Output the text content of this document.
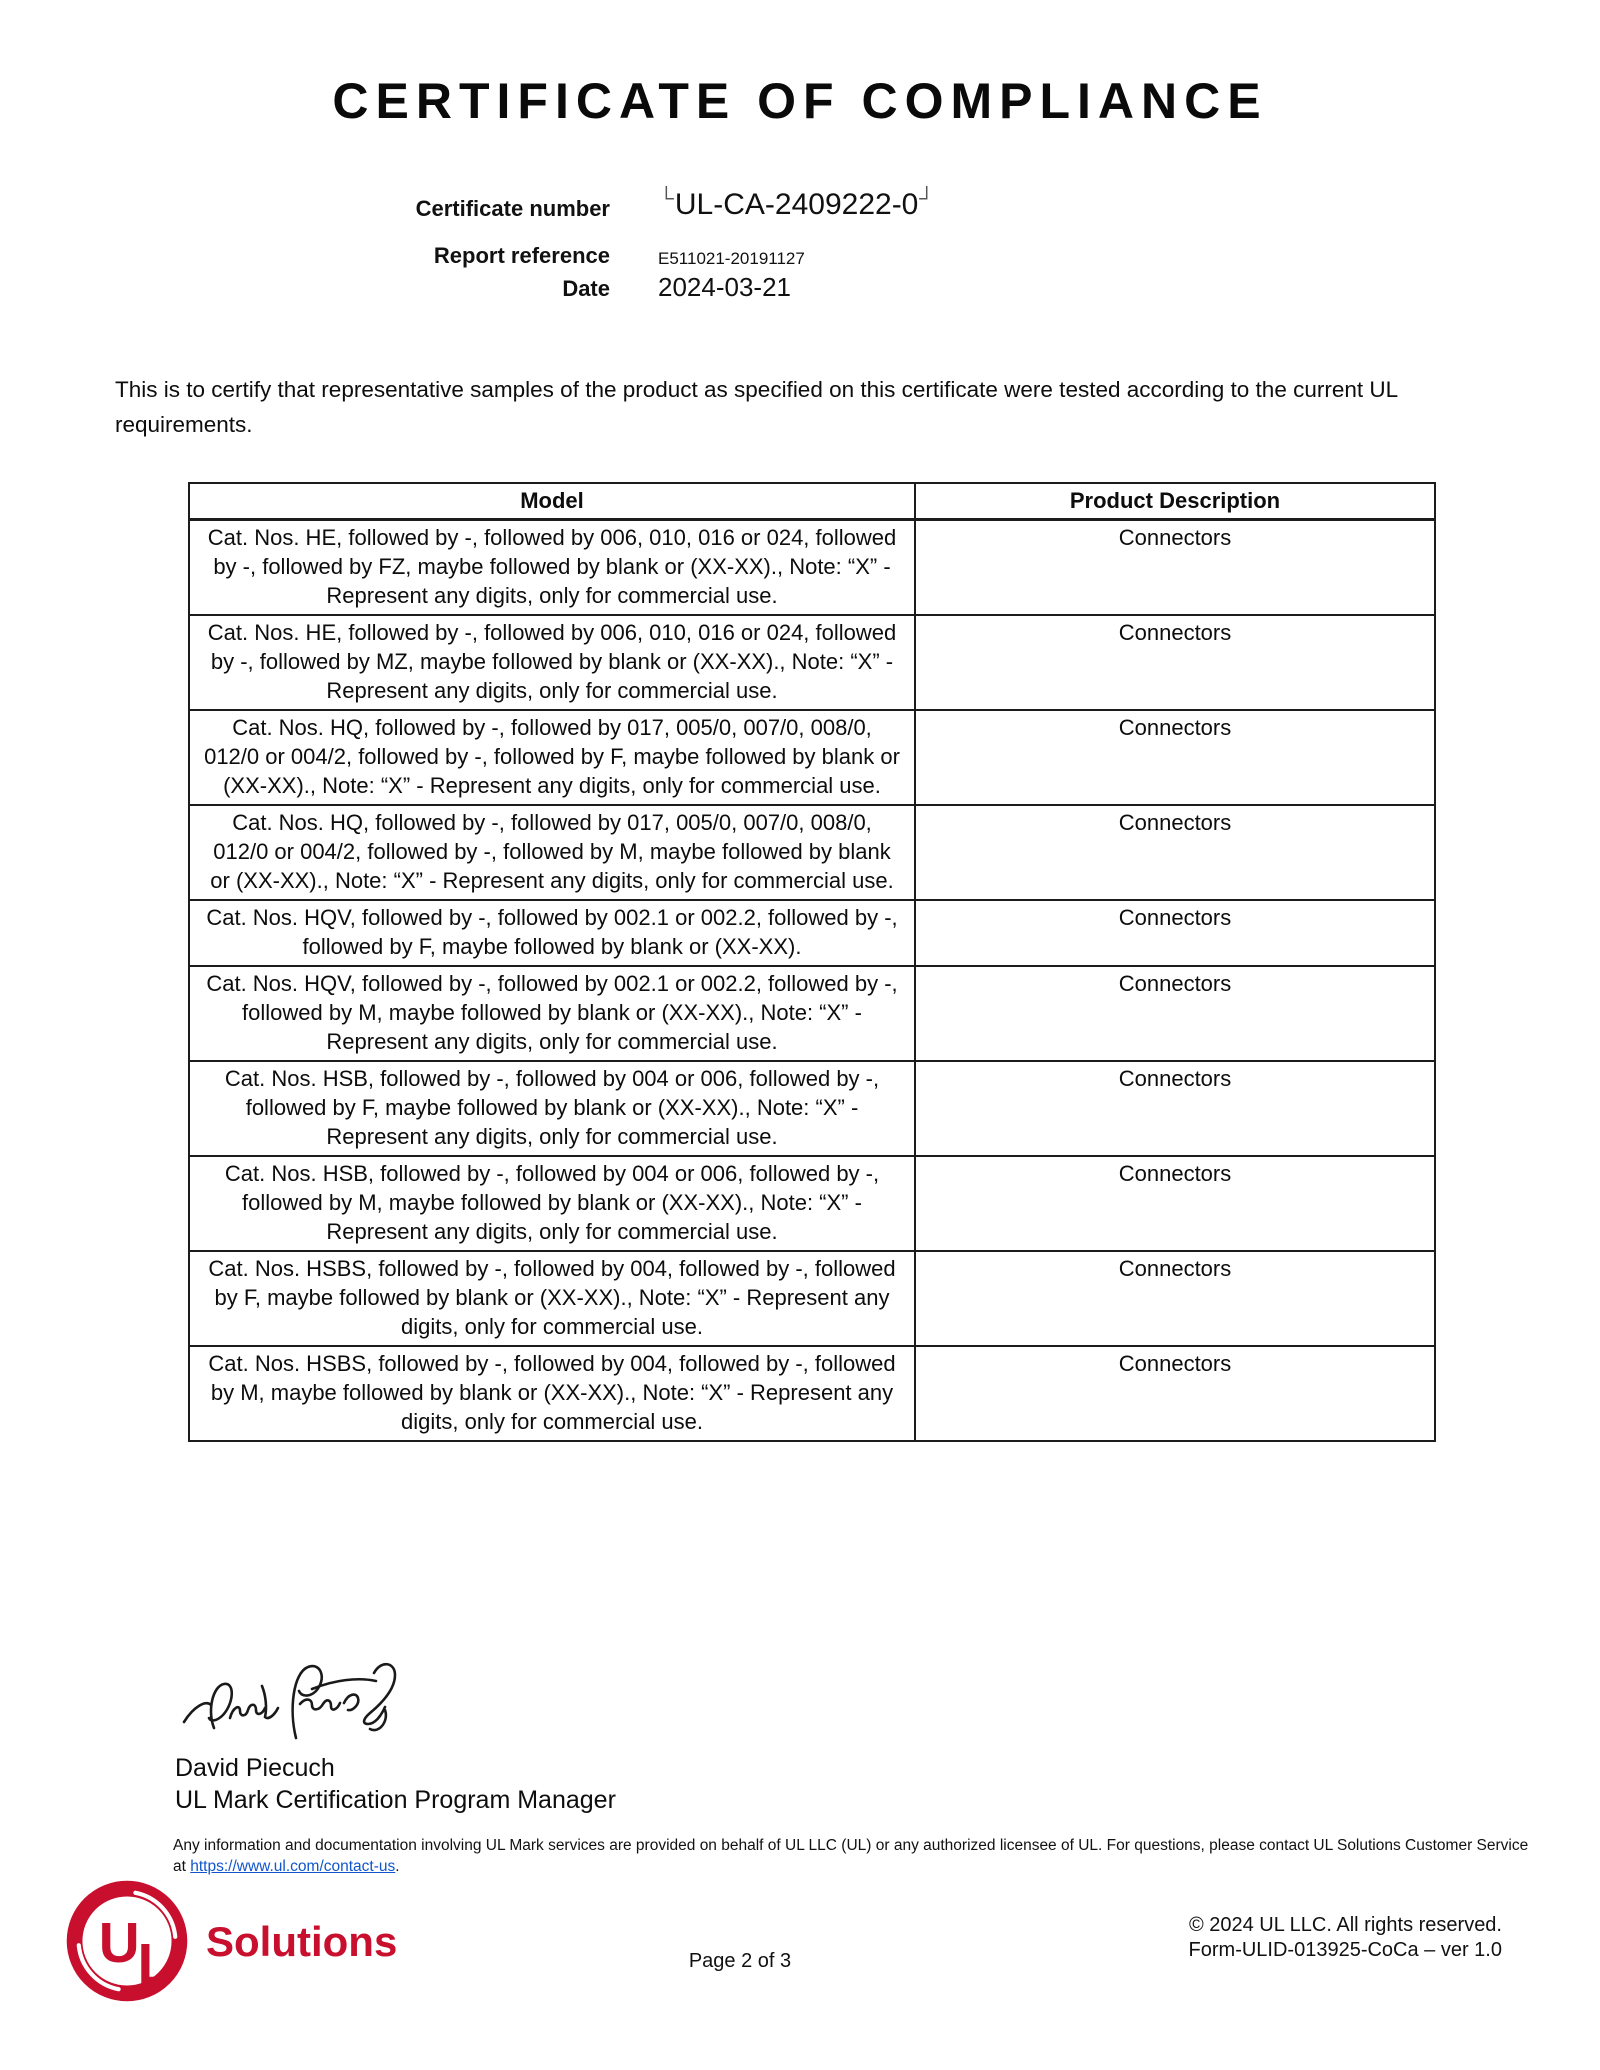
CERTIFICATE OF COMPLIANCE
Certificate number └UL-CA-2409222-0┘
Report reference	E511021-20191127
Date 2024-03-21
This is to certify that representative samples of the product as specified on this certificate were tested according to the current UL requirements.
Model	Product Description
Cat. Nos. HE, followed by -, followed by 006, 010, 016 or 024, followed by -, followed by FZ, maybe followed by blank or (XX-XX)., Note: “X” - Represent any digits, only for commercial use.	Connectors
Cat. Nos. HE, followed by -, followed by 006, 010, 016 or 024, followed by -, followed by MZ, maybe followed by blank or (XX-XX)., Note: “X” - Represent any digits, only for commercial use.	Connectors
Cat. Nos. HQ, followed by -, followed by 017, 005/0, 007/0, 008/0, 012/0 or 004/2, followed by -, followed by F, maybe followed by blank or (XX-XX)., Note: “X” - Represent any digits, only for commercial use.	Connectors
Cat. Nos. HQ, followed by -, followed by 017, 005/0, 007/0, 008/0, 012/0 or 004/2, followed by -, followed by M, maybe followed by blank or (XX-XX)., Note: “X” - Represent any digits, only for commercial use.	Connectors
Cat. Nos. HQV, followed by -, followed by 002.1 or 002.2, followed by -, followed by F, maybe followed by blank or (XX-XX).	Connectors
Cat. Nos. HQV, followed by -, followed by 002.1 or 002.2, followed by -, followed by M, maybe followed by blank or (XX-XX)., Note: “X” - Represent any digits, only for commercial use.	Connectors
Cat. Nos. HSB, followed by -, followed by 004 or 006, followed by -, followed by F, maybe followed by blank or (XX-XX)., Note: “X” - Represent any digits, only for commercial use.	Connectors
Cat. Nos. HSB, followed by -, followed by 004 or 006, followed by -, followed by M, maybe followed by blank or (XX-XX)., Note: “X” - Represent any digits, only for commercial use.	Connectors
Cat. Nos. HSBS, followed by -, followed by 004, followed by -, followed by F, maybe followed by blank or (XX-XX)., Note: “X” - Represent any digits, only for commercial use.	Connectors
Cat. Nos. HSBS, followed by -, followed by 004, followed by -, followed by M, maybe followed by blank or (XX-XX)., Note: “X” - Represent any digits, only for commercial use.	Connectors
David Piecuch
UL Mark Certification Program Manager
Any information and documentation involving UL Mark services are provided on behalf of UL LLC (UL) or any authorized licensee of UL. For questions, please contact UL Solutions Customer Service at https://www.ul.com/contact-us.
U
L Solutions	Page 2 of 3
© 2024 UL LLC. All rights reserved.
Form-ULID-013925-CoCa – ver 1.0
